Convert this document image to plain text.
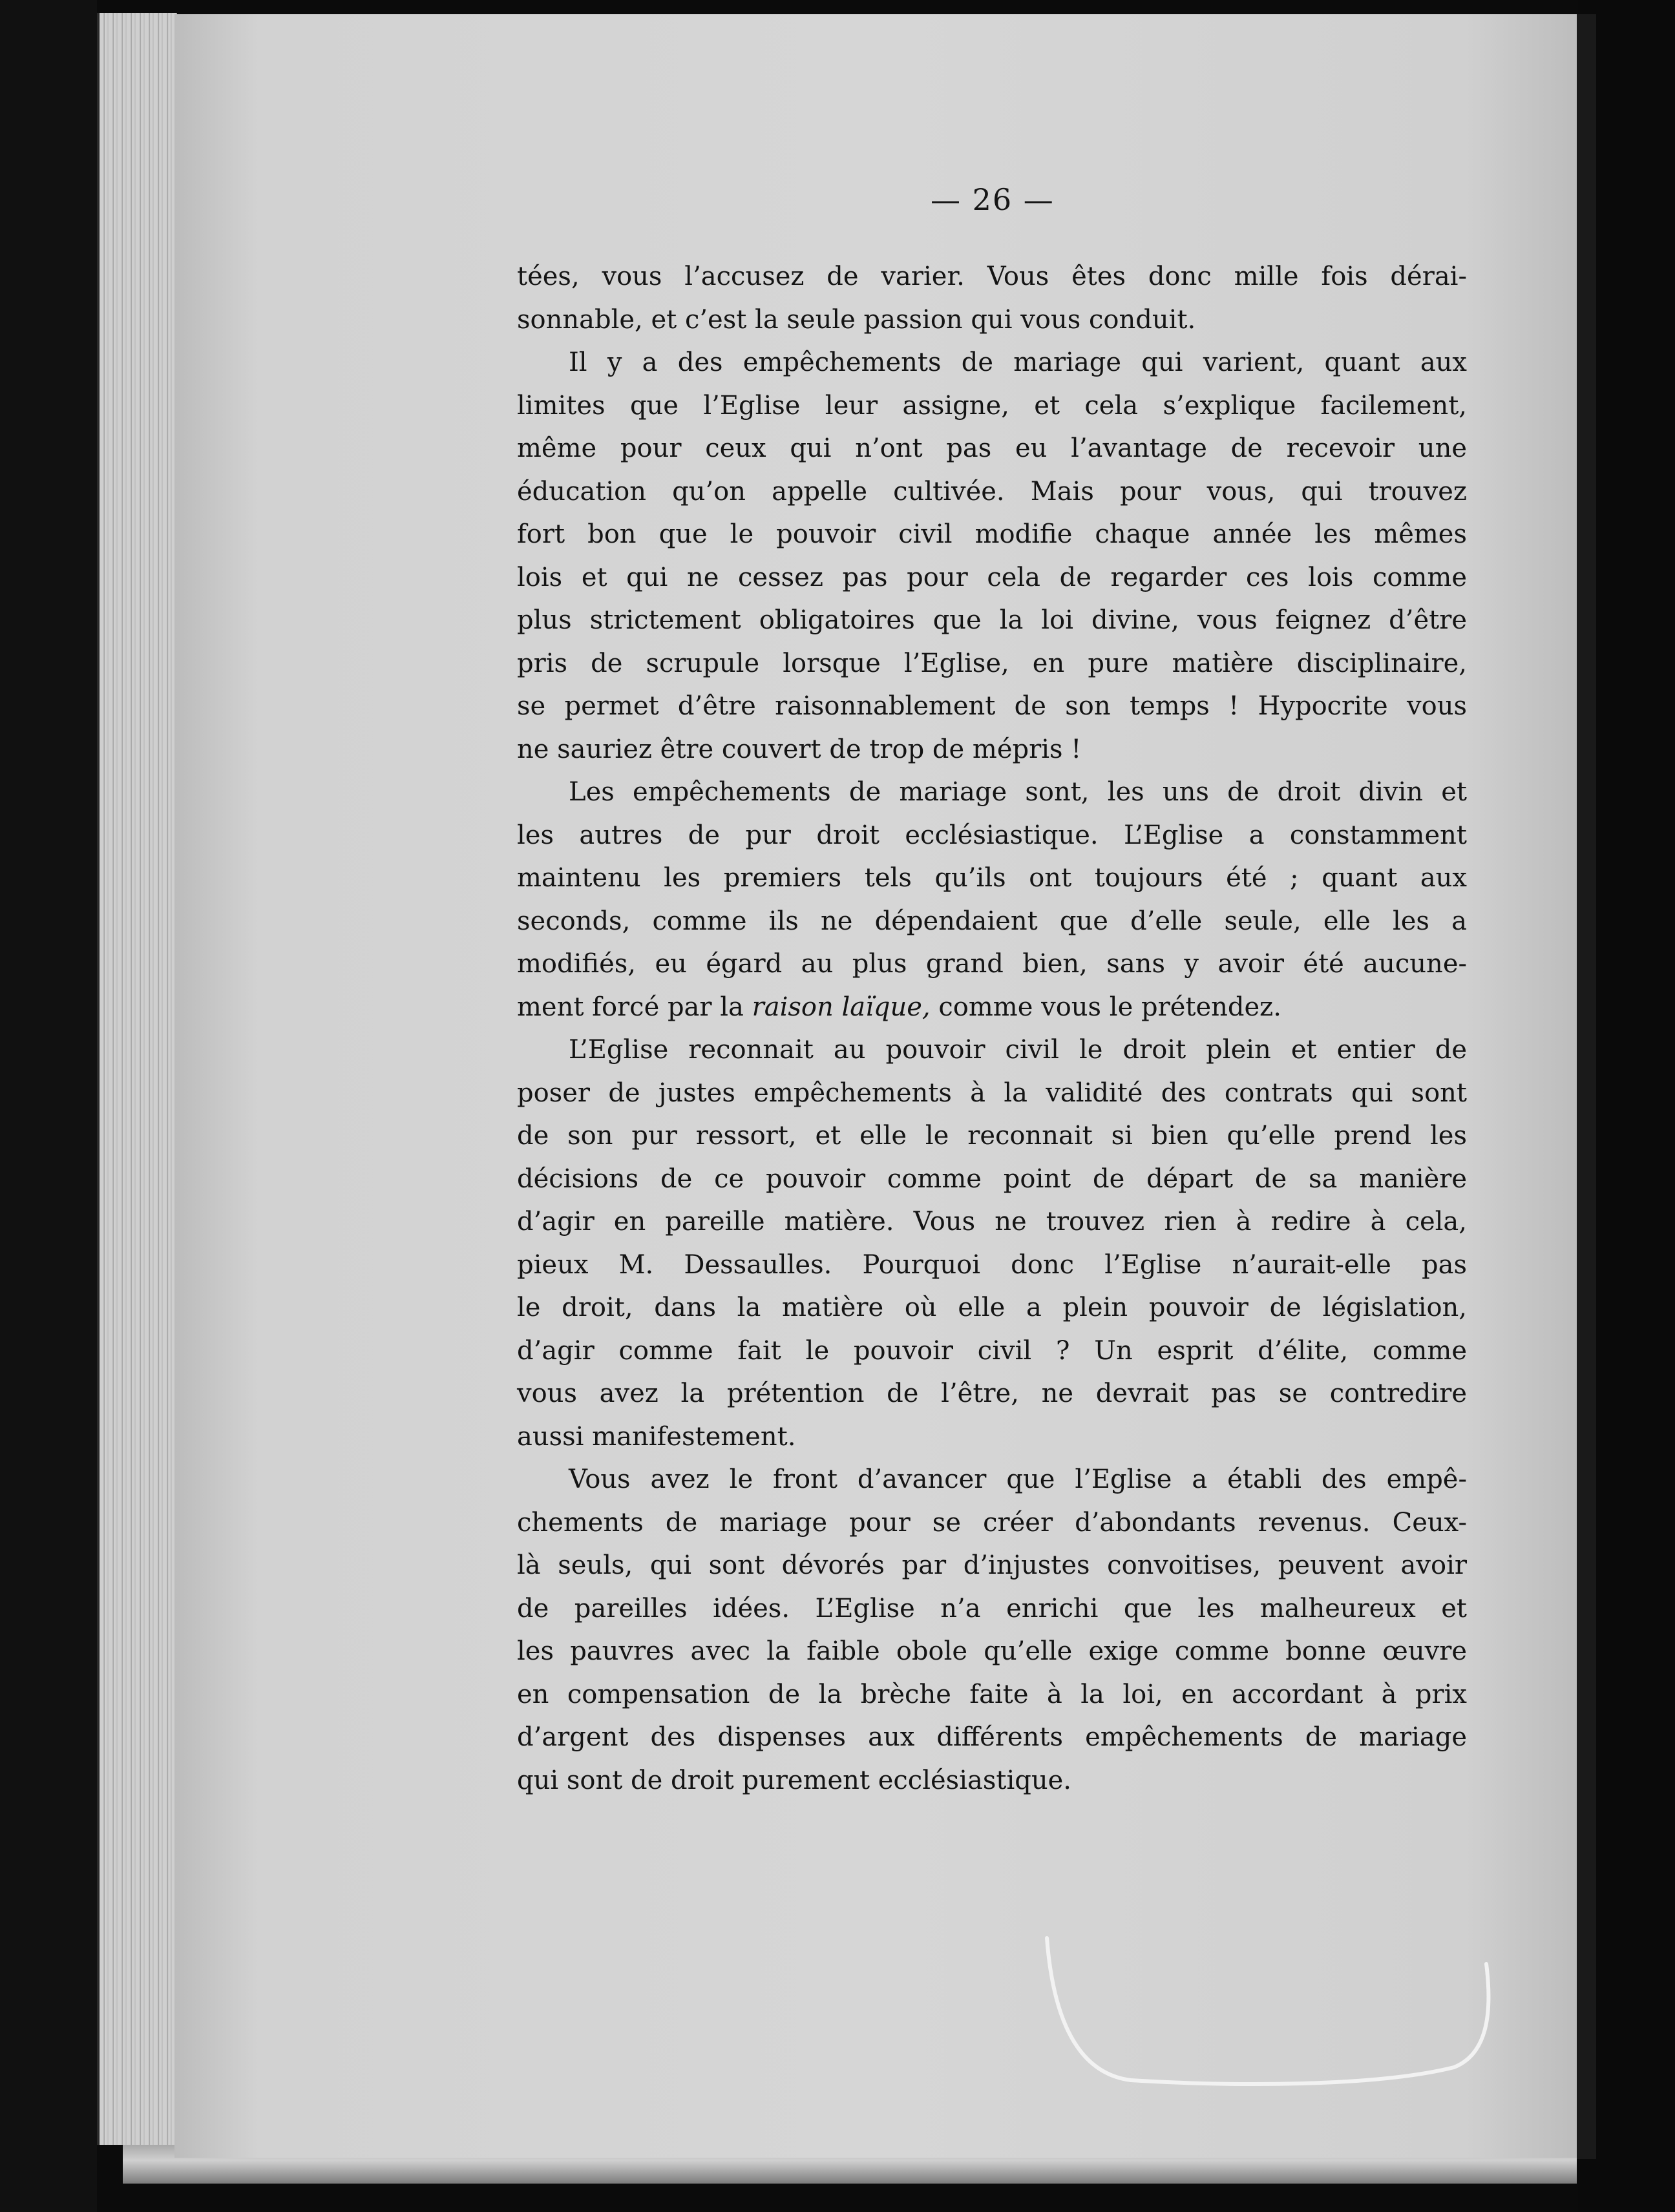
— 26 —
tées, vous l’accusez de varier. Vous êtes donc mille fois dérai-
sonnable, et c’est la seule passion qui vous conduit.
Il y a des empêchements de mariage qui varient, quant aux
limites que l’Eglise leur assigne, et cela s’explique facilement,
même pour ceux qui n’ont pas eu l’avantage de recevoir une
éducation qu’on appelle cultivée. Mais pour vous, qui trouvez
fort bon que le pouvoir civil modifie chaque année les mêmes
lois et qui ne cessez pas pour cela de regarder ces lois comme
plus strictement obligatoires que la loi divine, vous feignez d’être
pris de scrupule lorsque l’Eglise, en pure matière disciplinaire,
se permet d’être raisonnablement de son temps ! Hypocrite vous
ne sauriez être couvert de trop de mépris !
Les empêchements de mariage sont, les uns de droit divin et
les autres de pur droit ecclésiastique. L’Eglise a constamment
maintenu les premiers tels qu’ils ont toujours été ; quant aux
seconds, comme ils ne dépendaient que d’elle seule, elle les a
modifiés, eu égard au plus grand bien, sans y avoir été aucune-
ment forcé par la raison laïque, comme vous le prétendez.
L’Eglise reconnait au pouvoir civil le droit plein et entier de
poser de justes empêchements à la validité des contrats qui sont
de son pur ressort, et elle le reconnait si bien qu’elle prend les
décisions de ce pouvoir comme point de départ de sa manière
d’agir en pareille matière. Vous ne trouvez rien à redire à cela,
pieux M. Dessaulles. Pourquoi donc l’Eglise n’aurait-elle pas
le droit, dans la matière où elle a plein pouvoir de législation,
d’agir comme fait le pouvoir civil ? Un esprit d’élite, comme
vous avez la prétention de l’être, ne devrait pas se contredire
aussi manifestement.
Vous avez le front d’avancer que l’Eglise a établi des empê-
chements de mariage pour se créer d’abondants revenus. Ceux-
là seuls, qui sont dévorés par d’injustes convoitises, peuvent avoir
de pareilles idées. L’Eglise n’a enrichi que les malheureux et
les pauvres avec la faible obole qu’elle exige comme bonne œuvre
en compensation de la brèche faite à la loi, en accordant à prix
d’argent des dispenses aux différents empêchements de mariage
qui sont de droit purement ecclésiastique.
